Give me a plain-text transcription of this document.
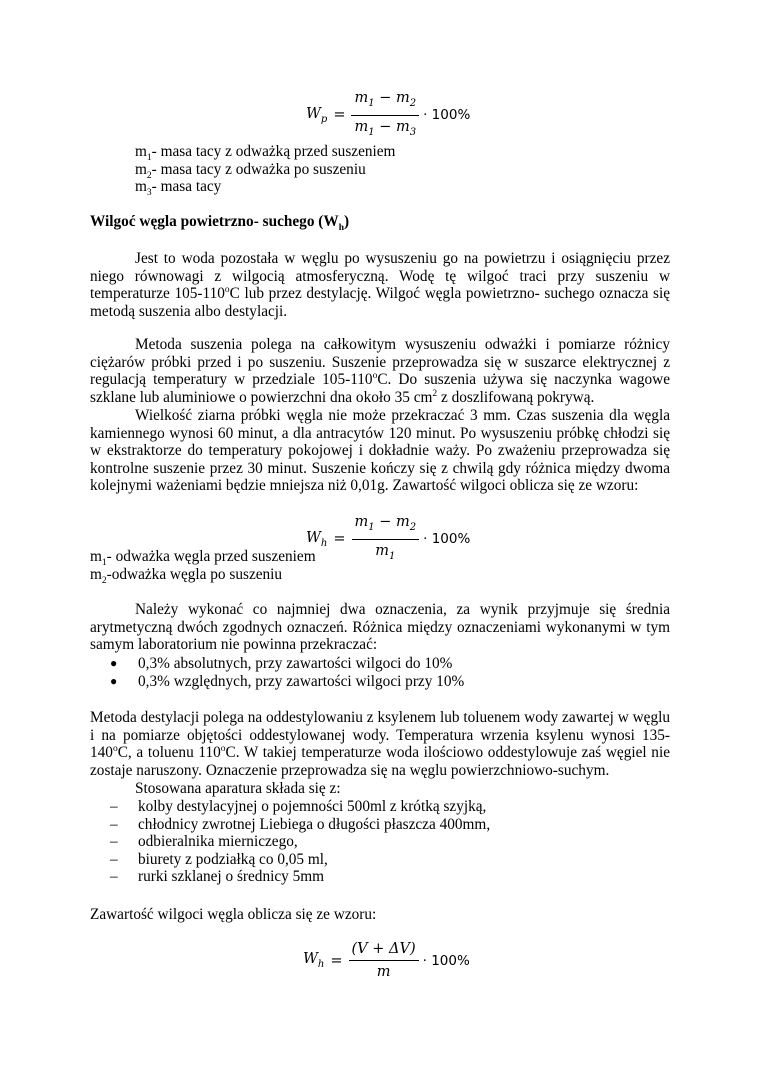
$W_p = \frac{m_1 - m_2}{m_1 - m_3} \cdot 100\%$
$m_1-$ masa tacy z odważką przed suszeniem
$m_2-$ masa tacy z odważka po suszeniu
$m_3-$ masa tacy
Wilgoć węgla powietrzno- suchego $(W_h)$
Jest to woda pozostała w węglu po wysuszeniu go na powietrzu i osiągnięciu przez niego równowagi z wilgocią atmosferyczną. Wodę tę wilgoć traci przy suszeniu w temperaturze 105-110$^o$C lub przez destylację. Wilgoć węgla powietrzno- suchego oznacza się metodą suszenia albo destylacji.
Metoda suszenia polega na całkowitym wysuszeniu odważki i pomiarze różnicy ciężarów próbki przed i po suszeniu. Suszenie przeprowadza się w suszarce elektrycznej z regulacją temperatury w przedziale 105-110$^o$C. Do suszenia używa się naczynka wagowe szklane lub aluminiowe o powierzchni dna około 35 $cm^2$ z doszlifowaną pokrywą.
Wielkość ziarna próbki węgla nie może przekraczać 3 mm. Czas suszenia dla węgla kamiennego wynosi 60 minut, a dla antracytów 120 minut. Po wysuszeniu próbkę chłodzi się w ekstraktorze do temperatury pokojowej i dokładnie waży. Po zważeniu przeprowadza się kontrolne suszenie przez 30 minut. Suszenie kończy się z chwilą gdy różnica między dwoma kolejnymi ważeniami będzie mniejsza niż 0,01g. Zawartość wilgoci oblicza się ze wzoru:
$W_h = \frac{m_1 - m_2}{m_1} \cdot 100\%$
$m_1-$ odważka węgla przed suszeniem
$m_2$-odważka węgla po suszeniu
Należy wykonać co najmniej dwa oznaczenia, za wynik przyjmuje się średnia arytmetyczną dwóch zgodnych oznaczeń. Różnica między oznaczeniami wykonanymi w tym samym laboratorium nie powinna przekraczać:
●	0,3% absolutnych, przy zawartości wilgoci do 10%
●	0,3% względnych, przy zawartości wilgoci przy 10%
Metoda destylacji polega na oddestylowaniu z ksylenem lub toluenem wody zawartej w węglu i na pomiarze objętości oddestylowanej wody. Temperatura wrzenia ksylenu wynosi 135-140$^o$C, a toluenu 110$^o$C. W takiej temperaturze woda ilościowo oddestylowuje zaś węgiel nie zostaje naruszony. Oznaczenie przeprowadza się na węglu powierzchniowo-suchym.
Stosowana aparatura składa się z:
–	kolby destylacyjnej o pojemności 500ml z krótką szyjką,
–	chłodnicy zwrotnej Liebiega o długości płaszcza 400mm,
–	odbieralnika mierniczego,
–	biurety z podziałką co 0,05 ml,
–	rurki szklanej o średnicy 5mm
Zawartość wilgoci węgla oblicza się ze wzoru:
$W_h = \frac{(V + \Delta V)}{m} \cdot 100\%$
